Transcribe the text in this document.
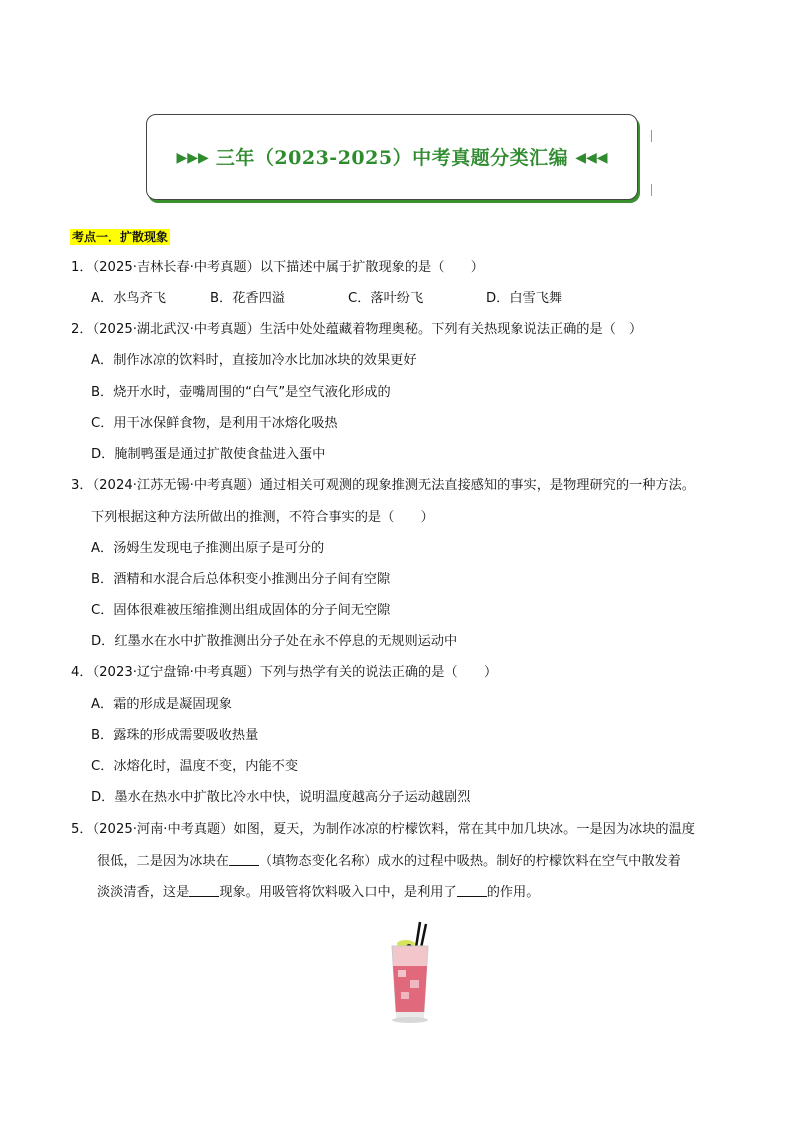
▶▶▶ 三年（2023-2025）中考真题分类汇编 ◀◀◀
考点一．扩散现象
1．（2025·吉林长春·中考真题）以下描述中属于扩散现象的是（　　）
A．水鸟齐飞	B．花香四溢	C．落叶纷飞	D．白雪飞舞
2．（2025·湖北武汉·中考真题）生活中处处蕴藏着物理奥秘。下列有关热现象说法正确的是（　）
A．制作冰凉的饮料时，直接加冷水比加冰块的效果更好
B．烧开水时，壶嘴周围的“白气”是空气液化形成的
C．用干冰保鲜食物，是利用干冰熔化吸热
D．腌制鸭蛋是通过扩散使食盐进入蛋中
3．（2024·江苏无锡·中考真题）通过相关可观测的现象推测无法直接感知的事实，是物理研究的一种方法。
下列根据这种方法所做出的推测，不符合事实的是（　　）
A．汤姆生发现电子推测出原子是可分的
B．酒精和水混合后总体积变小推测出分子间有空隙
C．固体很难被压缩推测出组成固体的分子间无空隙
D．红墨水在水中扩散推测出分子处在永不停息的无规则运动中
4．（2023·辽宁盘锦·中考真题）下列与热学有关的说法正确的是（　　）
A．霜的形成是凝固现象
B．露珠的形成需要吸收热量
C．冰熔化时，温度不变，内能不变
D．墨水在热水中扩散比冷水中快，说明温度越高分子运动越剧烈
5．（2025·河南·中考真题）如图，夏天，为制作冰凉的柠檬饮料，常在其中加几块冰。一是因为冰块的温度
很低，二是因为冰块在 （填物态变化名称）成水的过程中吸热。制好的柠檬饮料在空气中散发着
淡淡清香，这是 现象。用吸管将饮料吸入口中，是利用了 的作用。
